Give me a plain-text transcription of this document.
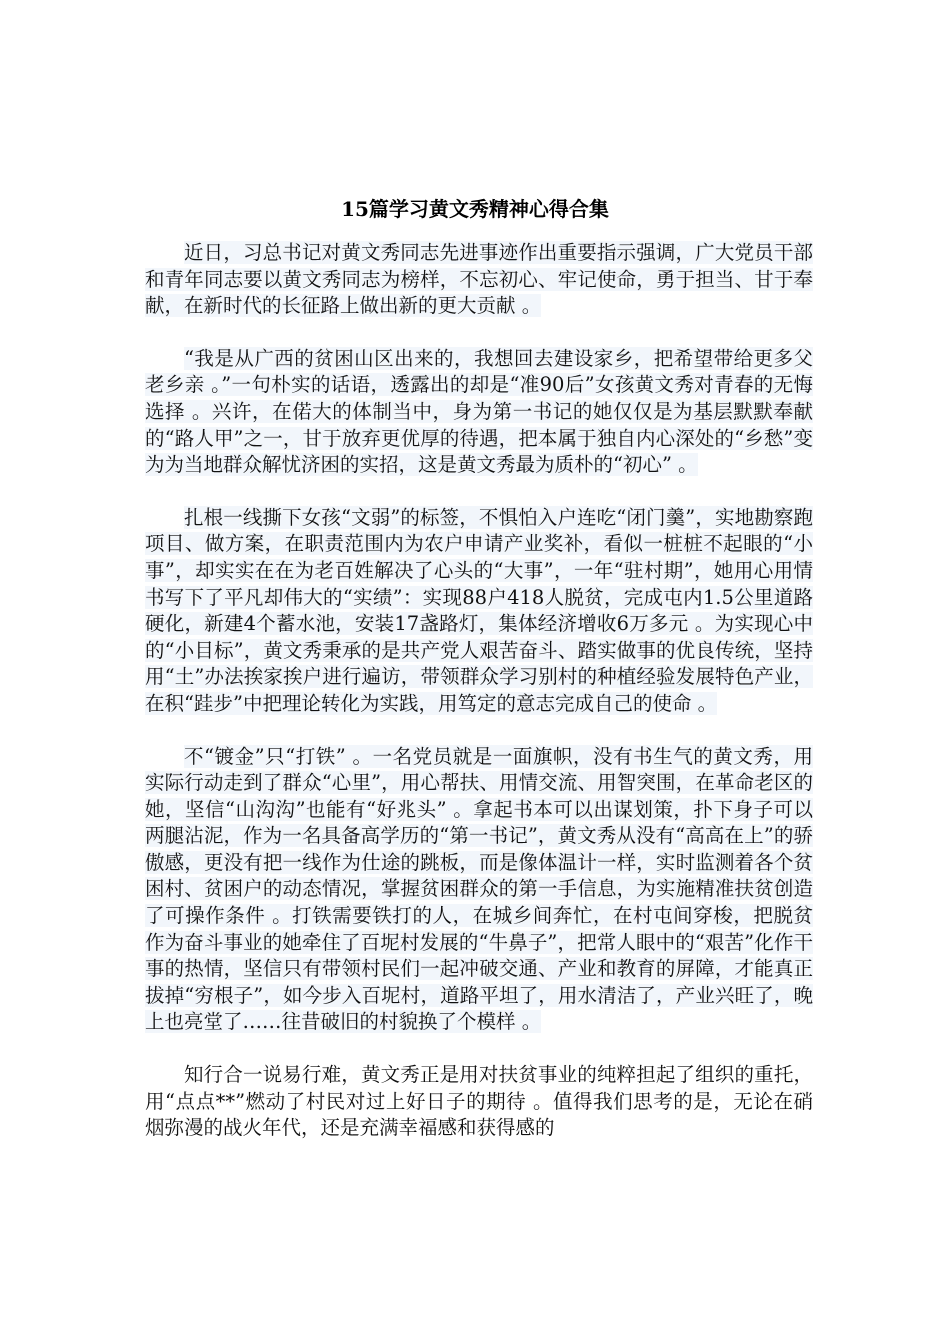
15篇学习黄文秀精神心得合集

近日，习总书记对黄文秀同志先进事迹作出重要指示强调，广大党员干部和青年同志要以黄文秀同志为榜样，不忘初心、牢记使命，勇于担当、甘于奉献，在新时代的长征路上做出新的更大贡献 。

“我是从广西的贫困山区出来的，我想回去建设家乡，把希望带给更多父老乡亲 。”一句朴实的话语，透露出的却是“准90后”女孩黄文秀对青春的无悔选择 。兴许，在偌大的体制当中，身为第一书记的她仅仅是为基层默默奉献的“路人甲”之一，甘于放弃更优厚的待遇，把本属于独自内心深处的“乡愁”变为为当地群众解忧济困的实招，这是黄文秀最为质朴的“初心” 。

扎根一线撕下女孩“文弱”的标签，不惧怕入户连吃“闭门羹”，实地勘察跑项目、做方案，在职责范围内为农户申请产业奖补，看似一桩桩不起眼的“小事”，却实实在在为老百姓解决了心头的“大事”，一年“驻村期”，她用心用情书写下了平凡却伟大的“实绩”：实现88户418人脱贫，完成屯内1.5公里道路硬化，新建4个蓄水池，安装17盏路灯，集体经济增收6万多元 。为实现心中的“小目标”，黄文秀秉承的是共产党人艰苦奋斗、踏实做事的优良传统，坚持用“土”办法挨家挨户进行遍访，带领群众学习别村的种植经验发展特色产业，在积“跬步”中把理论转化为实践，用笃定的意志完成自己的使命 。

不“镀金”只“打铁” 。一名党员就是一面旗帜，没有书生气的黄文秀，用实际行动走到了群众“心里”，用心帮扶、用情交流、用智突围，在革命老区的她，坚信“山沟沟”也能有“好兆头” 。拿起书本可以出谋划策，扑下身子可以两腿沾泥，作为一名具备高学历的“第一书记”，黄文秀从没有“高高在上”的骄傲感，更没有把一线作为仕途的跳板，而是像体温计一样，实时监测着各个贫困村、贫困户的动态情况，掌握贫困群众的第一手信息，为实施精准扶贫创造了可操作条件 。打铁需要铁打的人，在城乡间奔忙，在村屯间穿梭，把脱贫作为奋斗事业的她牵住了百坭村发展的“牛鼻子”，把常人眼中的“艰苦”化作干事的热情，坚信只有带领村民们一起冲破交通、产业和教育的屏障，才能真正拔掉“穷根子”，如今步入百坭村，道路平坦了，用水清洁了，产业兴旺了，晚上也亮堂了……往昔破旧的村貌换了个模样 。

知行合一说易行难，黄文秀正是用对扶贫事业的纯粹担起了组织的重托，用“点点**”燃动了村民对过上好日子的期待 。值得我们思考的是，无论在硝烟弥漫的战火年代，还是充满幸福感和获得感的
